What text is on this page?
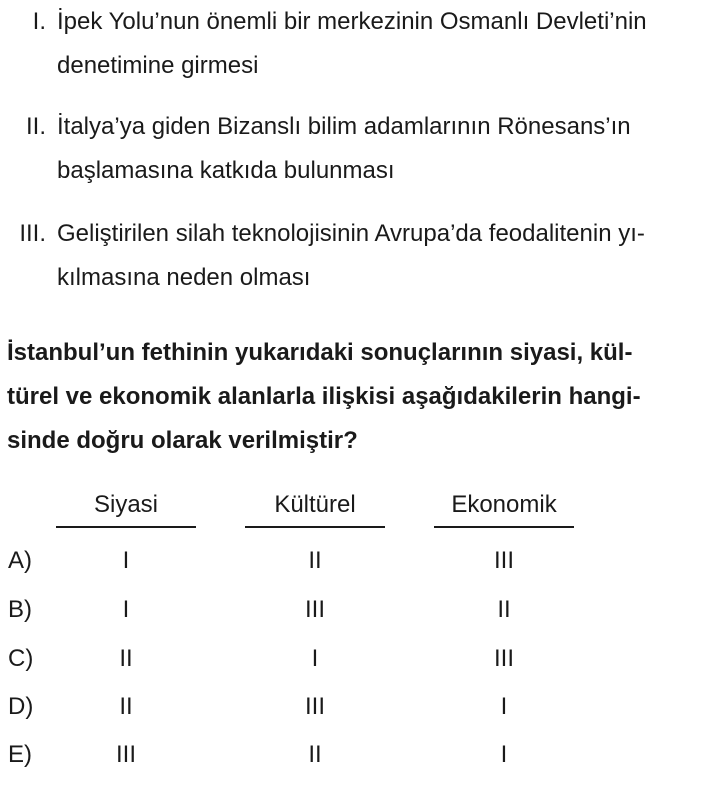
I. İpek Yolu’nun önemli bir merkezinin Osmanlı Devleti’nin
denetimine girmesi
II. İtalya’ya giden Bizanslı bilim adamlarının Rönesans’ın
başlamasına katkıda bulunması
III. Geliştirilen silah teknolojisinin Avrupa’da feodalitenin yı-
kılmasına neden olması
İstanbul’un fethinin yukarıdaki sonuçlarının siyasi, kül-
türel ve ekonomik alanlarla ilişkisi aşağıdakilerin hangi-
sinde doğru olarak verilmiştir?
Siyasi	Kültürel	Ekonomik
A)	I	II	III
B)	I	III	II
C)	II	I	III
D)	II	III	I
E)	III	II	I
